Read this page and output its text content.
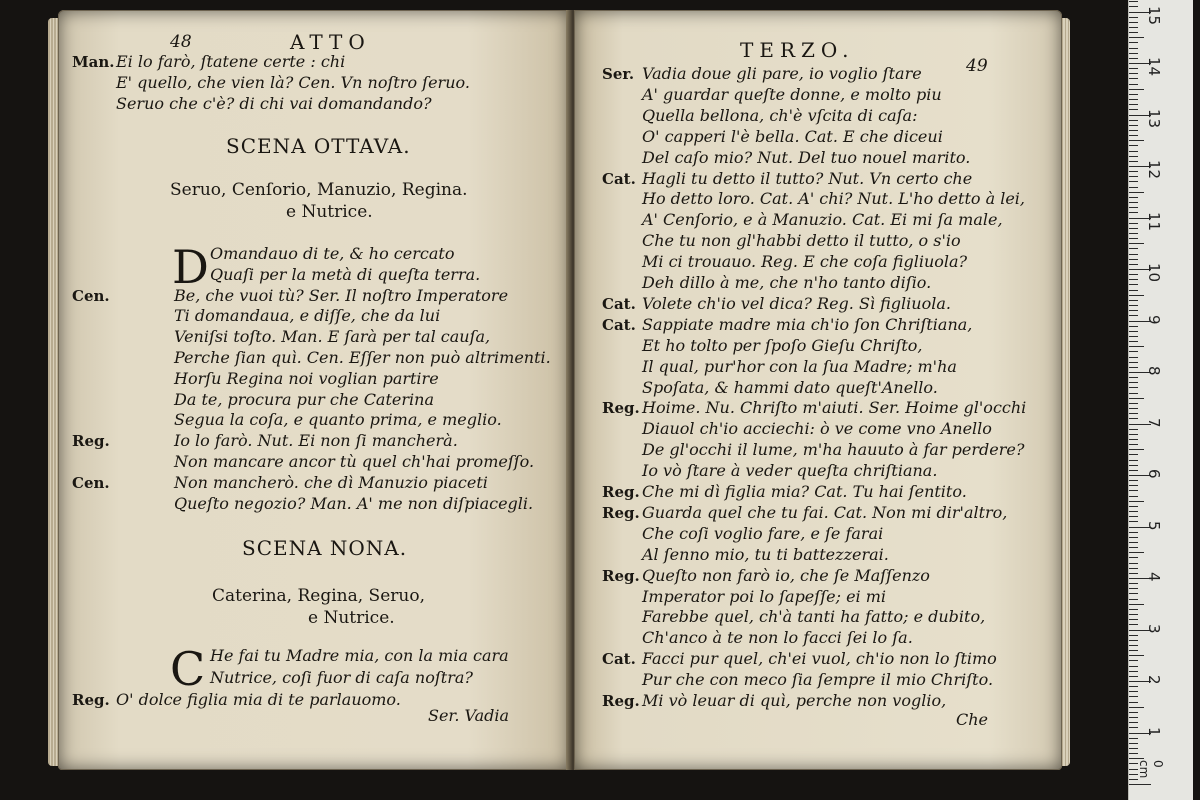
48	ATTO
Man. Ei lo farò, ſtatene certe : chi
E' quello, che vien là? Cen. Vn noſtro ſeruo.
Seruo che c'è? di chi vai domandando?
SCENA OTTAVA.
Seruo, Cenſorio, Manuzio, Regina.
e Nutrice.
D Omandauo di te, & ho cercato
Quaſi per la metà di queſta terra.
Cen.	Be, che vuoi tù? Ser. Il noſtro Imperatore
Ti domandaua, e diſſe, che da lui
Veniſsi toſto. Man. E ſarà per tal cauſa,
Perche ſian quì. Cen. Eſſer non può altrimenti.
Horſu Regina noi voglian partire
Da te, procura pur che Caterina
Segua la coſa, e quanto prima, e meglio.
Reg.	Io lo farò. Nut. Ei non ſi mancherà.
Non mancare ancor tù quel ch'hai promeſſo.
Cen.	Non mancherò. che dì Manuzio piaceti
Queſto negozio? Man. A' me non diſpiacegli.
SCENA NONA.
Caterina, Regina, Seruo,
e Nutrice.
C He fai tu Madre mia, con la mia cara
Nutrice, coſi fuor di caſa noſtra?
Reg. O' dolce figlia mia di te parlauomo.
Ser. Vadia
TERZO.
49
Ser. Vadia doue gli pare, io voglio ſtare
A' guardar queſte donne, e molto piu
Quella bellona, ch'è vſcita di caſa:
O' capperi l'è bella. Cat. E che diceui
Del caſo mio? Nut. Del tuo nouel marito.
Cat. Hagli tu detto il tutto? Nut. Vn certo che
Ho detto loro. Cat. A' chi? Nut. L'ho detto à lei,
A' Cenſorio, e à Manuzio. Cat. Ei mi ſa male,
Che tu non gl'habbi detto il tutto, o s'io
Mi ci trouauo. Reg. E che coſa figliuola?
Deh dillo à me, che n'ho tanto diſio.
Cat. Volete ch'io vel dica? Reg. Sì figliuola.
Cat. Sappiate madre mia ch'io ſon Chriſtiana,
Et ho tolto per ſpoſo Gieſu Chriſto,
Il qual, pur'hor con la ſua Madre; m'ha
Spoſata, & hammi dato queſt'Anello.
Reg. Hoime. Nu. Chriſto m'aiuti. Ser. Hoime gl'occhi
Diauol ch'io acciechi: ò ve come vno Anello
De gl'occhi il lume, m'ha hauuto à far perdere?
Io vò ſtare à veder queſta chriſtiana.
Reg. Che mi dì figlia mia? Cat. Tu hai ſentito.
Reg. Guarda quel che tu fai. Cat. Non mi dir'altro,
Che coſi voglio fare, e ſe farai
Al ſenno mio, tu ti battezzerai.
Reg. Queſto non farò io, che ſe Maſſenzo
Imperator poi lo ſapeſſe; ei mi
Farebbe quel, ch'à tanti ha fatto; e dubito,
Ch'anco à te non lo facci ſei lo ſa.
Cat. Facci pur quel, ch'ei vuol, ch'io non lo ſtimo
Pur che con meco ſia ſempre il mio Chriſto.
Reg. Mi vò leuar di quì, perche non voglio,
Che
15
14
13
12
11
10
9
8
7
6
5
4
3
2
1
0 cm
